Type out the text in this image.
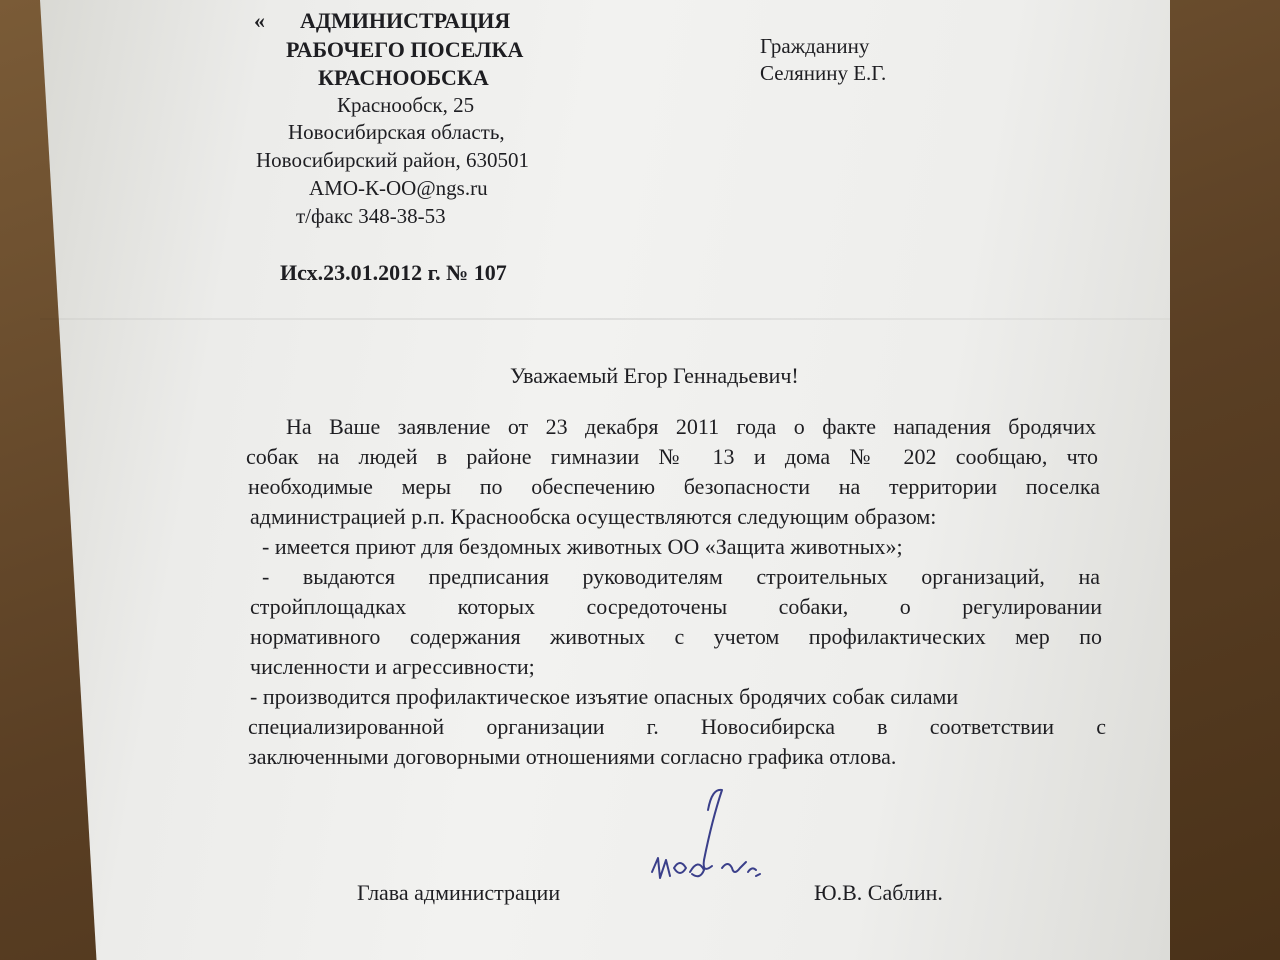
« АДМИНИСТРАЦИЯ
РАБОЧЕГО ПОСЕЛКА
КРАСНООБСКА
Краснообск, 25
Новосибирская область,
Новосибирский район, 630501
АМО-К-ОО@ngs.ru
т/факс 348-38-53
Исх.23.01.2012 г. № 107
Гражданину
Селянину Е.Г.
Уважаемый Егор Геннадьевич!
На Ваше заявление от 23 декабря 2011 года о факте нападения бродячих
собак на людей в районе гимназии № 13 и дома № 202 сообщаю, что
необходимые меры по обеспечению безопасности на территории поселка
администрацией р.п. Краснообска осуществляются следующим образом:
- имеется приют для бездомных животных ОО «Защита животных»;
- выдаются предписания руководителям строительных организаций, на
стройплощадках которых сосредоточены собаки, о регулировании
нормативного содержания животных с учетом профилактических мер по
численности и агрессивности;
- производится профилактическое изъятие опасных бродячих собак силами
специализированной организации г. Новосибирска в соответствии с
заключенными договорными отношениями согласно графика отлова.
Глава администрации	Ю.В. Саблин.
